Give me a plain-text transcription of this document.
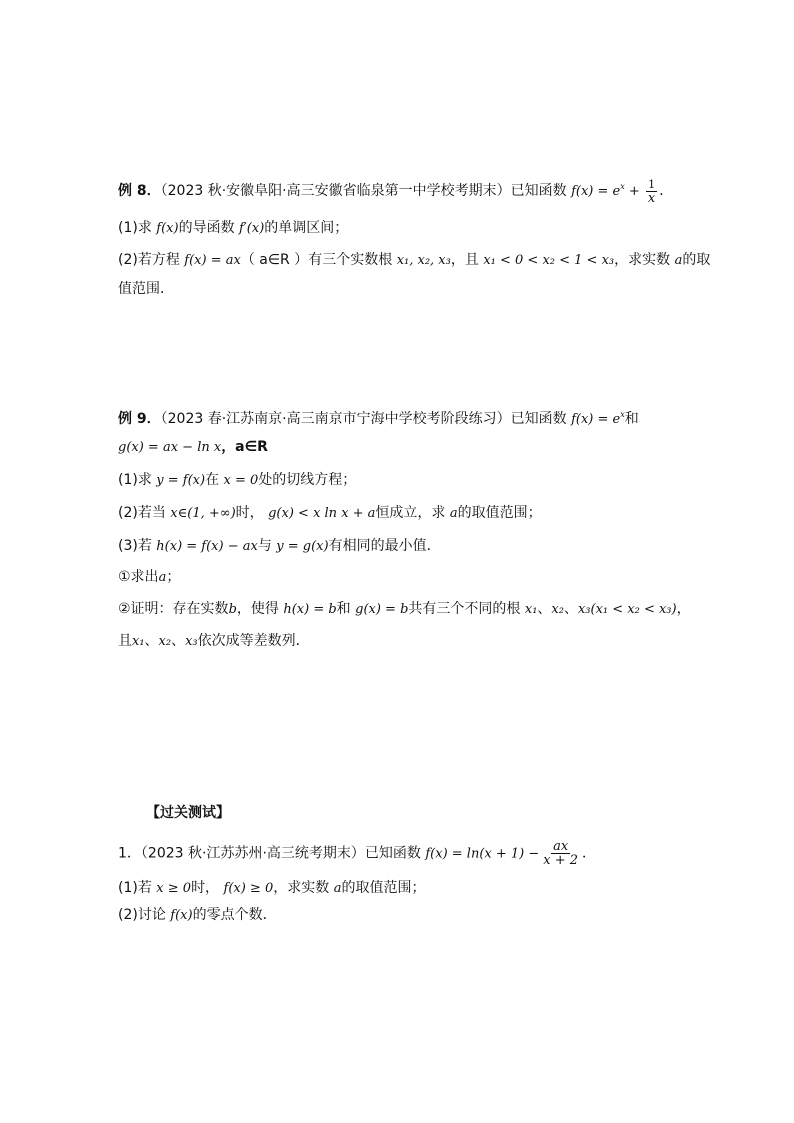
例 8．（2023 秋·安徽阜阳·高三安徽省临泉第一中学校考期末）已知函数 $f(x) = e^x + \frac{1}{x}$ ．
(1)求 f(x)的导函数 f′(x)的单调区间；
(2)若方程 f(x) = ax（ a∈R ）有三个实数根 x₁, x₂, x₃，且 x₁ < 0 < x₂ < 1 < x₃，求实数 a的取
值范围．
例 9．（2023 春·江苏南京·高三南京市宁海中学校考阶段练习）已知函数 $f(x) = e^x$和
g(x) = ax − ln x，a∈R
(1)求 y = f(x)在 x = 0处的切线方程；
(2)若当 x∈(1, +∞)时， g(x) < x ln x + a恒成立，求 a的取值范围；
(3)若 h(x) = f(x) − ax与 y = g(x)有相同的最小值．
①求出a；
②证明：存在实数b，使得 h(x) = b和 g(x) = b共有三个不同的根 x₁、x₂、x₃(x₁ < x₂ < x₃)，
且x₁、x₂、x₃依次成等差数列．
【过关测试】
1．（2023 秋·江苏苏州·高三统考期末）已知函数 $f(x) = \ln(x + 1) - \frac{ax}{x + 2}$ ．
(1)若 x ≥ 0时， f(x) ≥ 0，求实数 a的取值范围；
(2)讨论 f(x)的零点个数．
